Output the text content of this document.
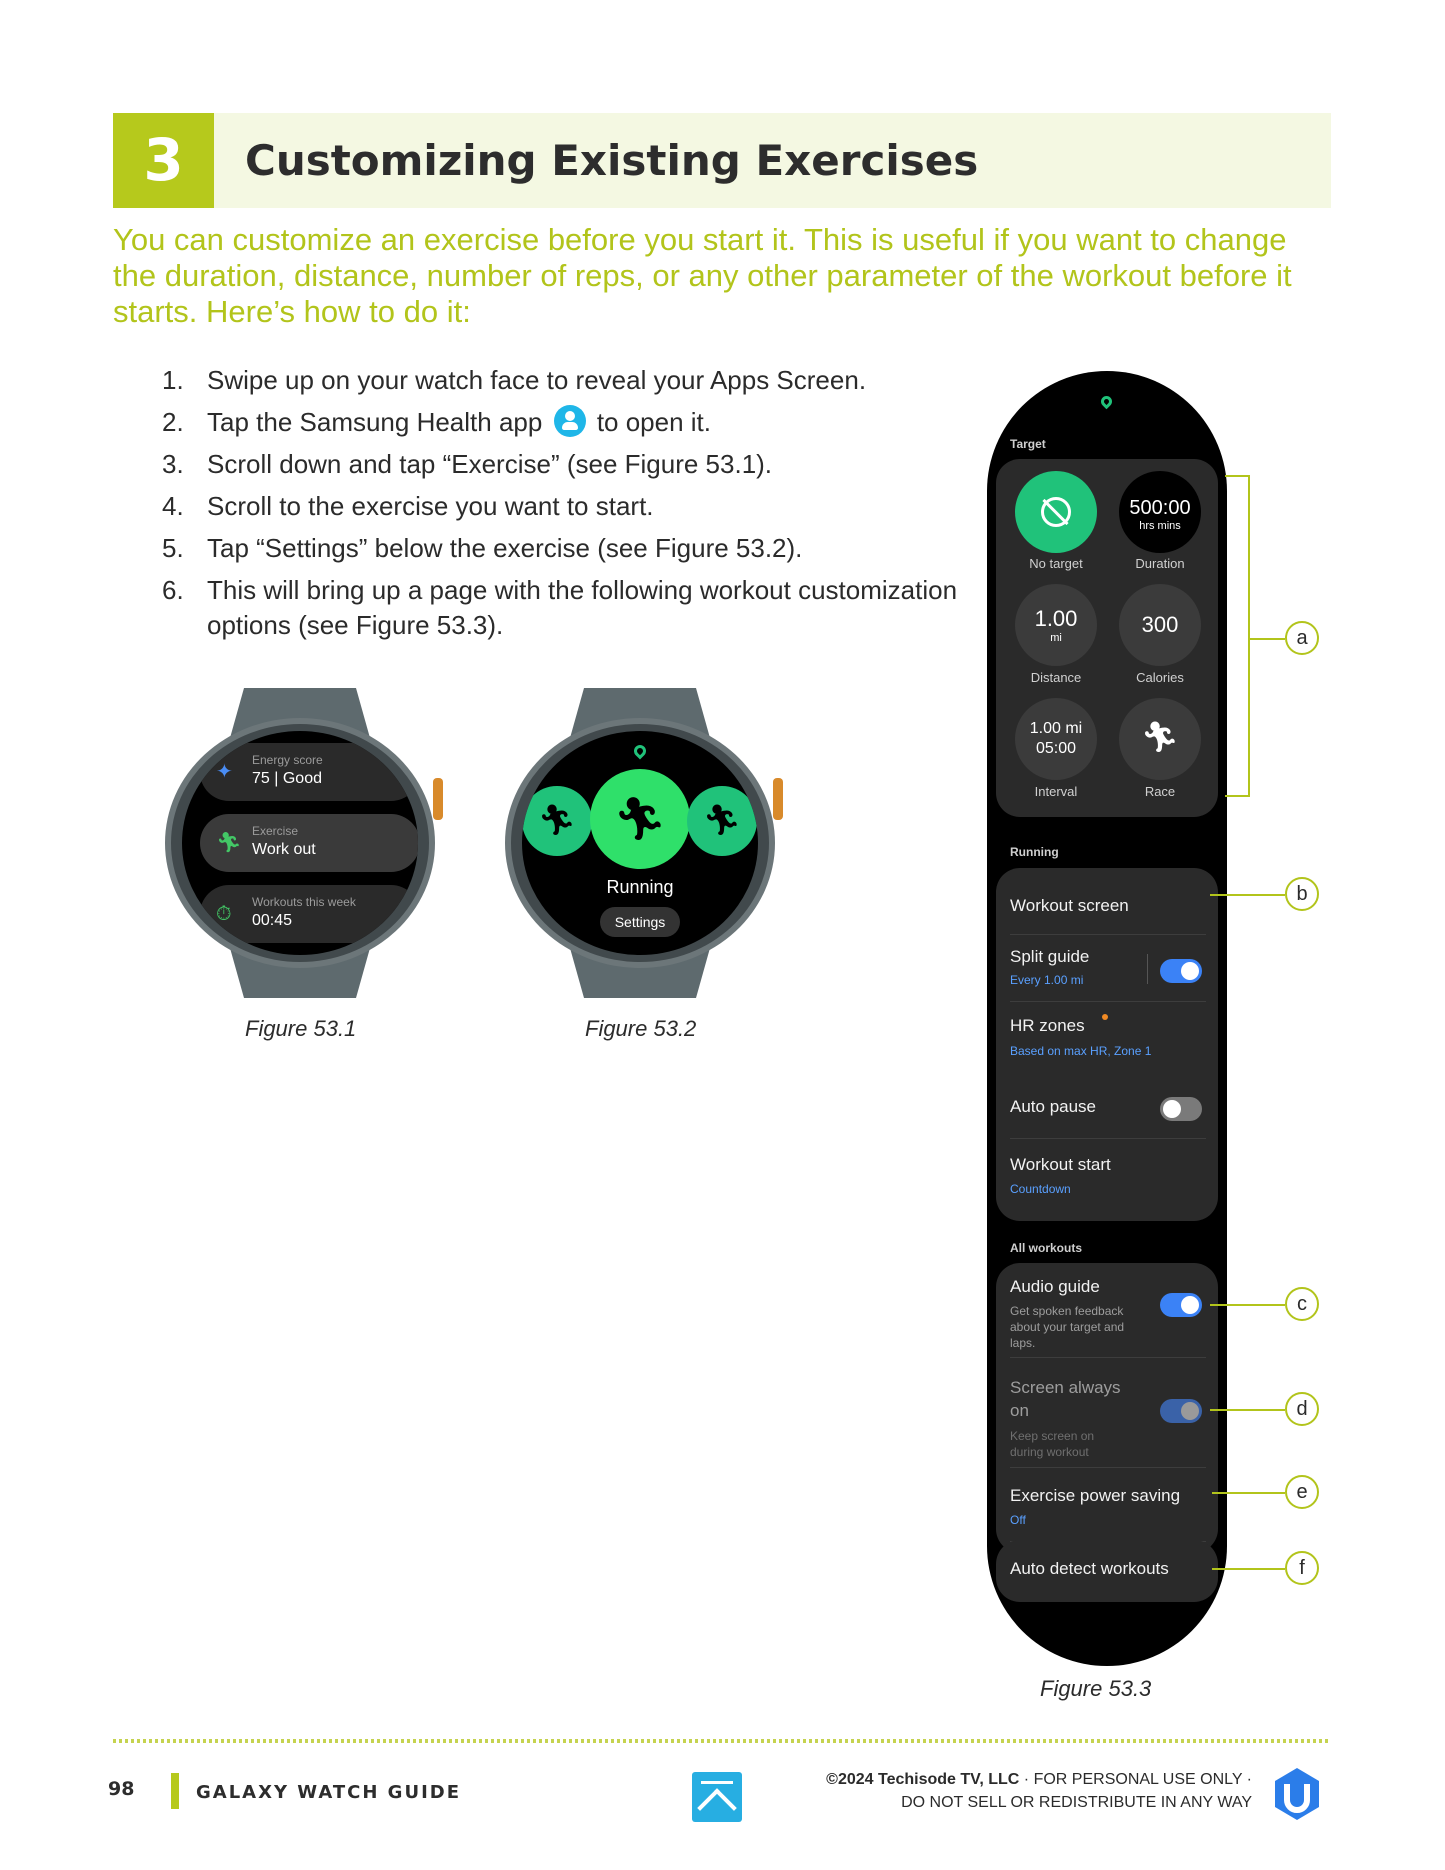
3	Customizing Existing Exercises

You can customize an exercise before you start it. This is useful if you want to change the duration, distance, number of reps, or any other parameter of the workout before it starts. Here’s how to do it:

1. Swipe up on your watch face to reveal your Apps Screen.
2. Tap the Samsung Health app to open it.
3. Scroll down and tap “Exercise” (see Figure 53.1).
4. Scroll to the exercise you want to start.
5. Tap “Settings” below the exercise (see Figure 53.2).
6. This will bring up a page with the following workout customization options (see Figure 53.3).
✦
Energy score
75 | Good
🏃︎
Exercise
Work out
⏱︎
Workouts this week
00:45
Figure 53.1
🏃︎ 🏃︎	🏃︎
Running
Settings
Figure 53.2
Target
No target
500:00
hrs mins
Duration
1.00
mi
Distance
300
Calories
1.00 mi
05:00
Interval
🏃︎
Race
Running
Workout screen
Split guide
Every 1.00 mi
HR zones
Based on max HR, Zone 1
Auto pause
Workout start
Countdown
All workouts
Audio guide
Get spoken feedback about your target and laps.
Screen always on
Keep screen on during workout
Exercise power saving
Off
Auto detect workouts
Figure 53.3
a
b
c
d
e
f
98	GALAXY WATCH GUIDE
©2024 Techisode TV, LLC · FOR PERSONAL USE ONLY ·
DO NOT SELL OR REDISTRIBUTE IN ANY WAY
